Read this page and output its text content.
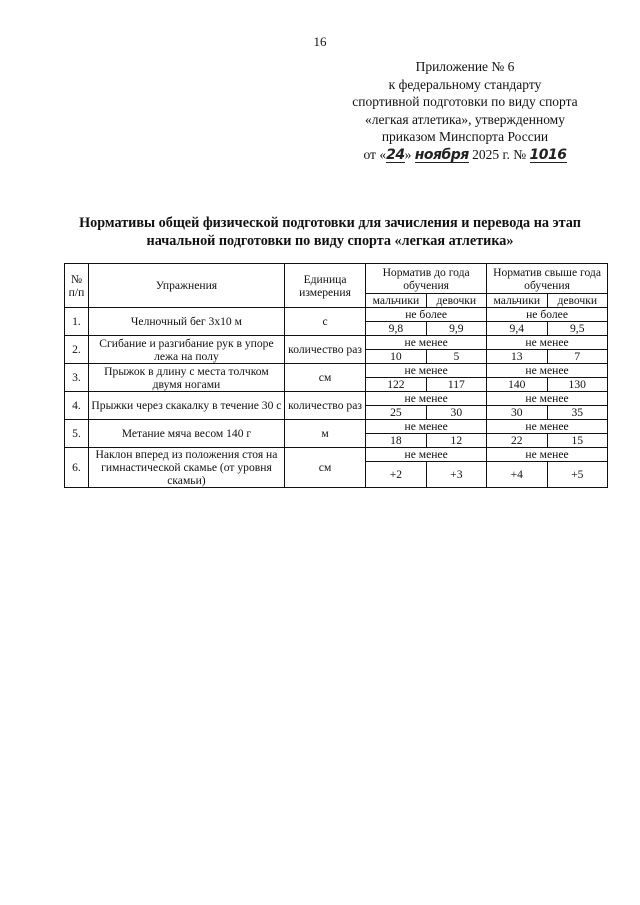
16
Приложение № 6
к федеральному стандарту
спортивной подготовки по виду спорта
«легкая атлетика», утвержденному
приказом Минспорта России
от «24» ноября 2025 г. № 1016
Нормативы общей физической подготовки для зачисления и перевода на этап
начальной подготовки по виду спорта «легкая атлетика»
№ п/п	Упражнения	Единица измерения	Норматив до года обучения		Норматив свыше года обучения	
			мальчики	девочки	мальчики	девочки
1.	Челночный бег 3х10 м	с	не более		не более	
			9,8	9,9	9,4	9,5
2.	Сгибание и разгибание рук в упоре лежа на полу	количество раз	не менее		не менее	
			10	5	13	7
3.	Прыжок в длину с места толчком двумя ногами	см	не менее		не менее	
			122	117	140	130
4.	Прыжки через скакалку в течение 30 с	количество раз	не менее		не менее	
			25	30	30	35
5.	Метание мяча весом 140 г	м	не менее		не менее	
			18	12	22	15
6.	Наклон вперед из положения стоя на гимнастической скамье (от уровня скамьи)	см	не менее		не менее	
			+2	+3	+4	+5
